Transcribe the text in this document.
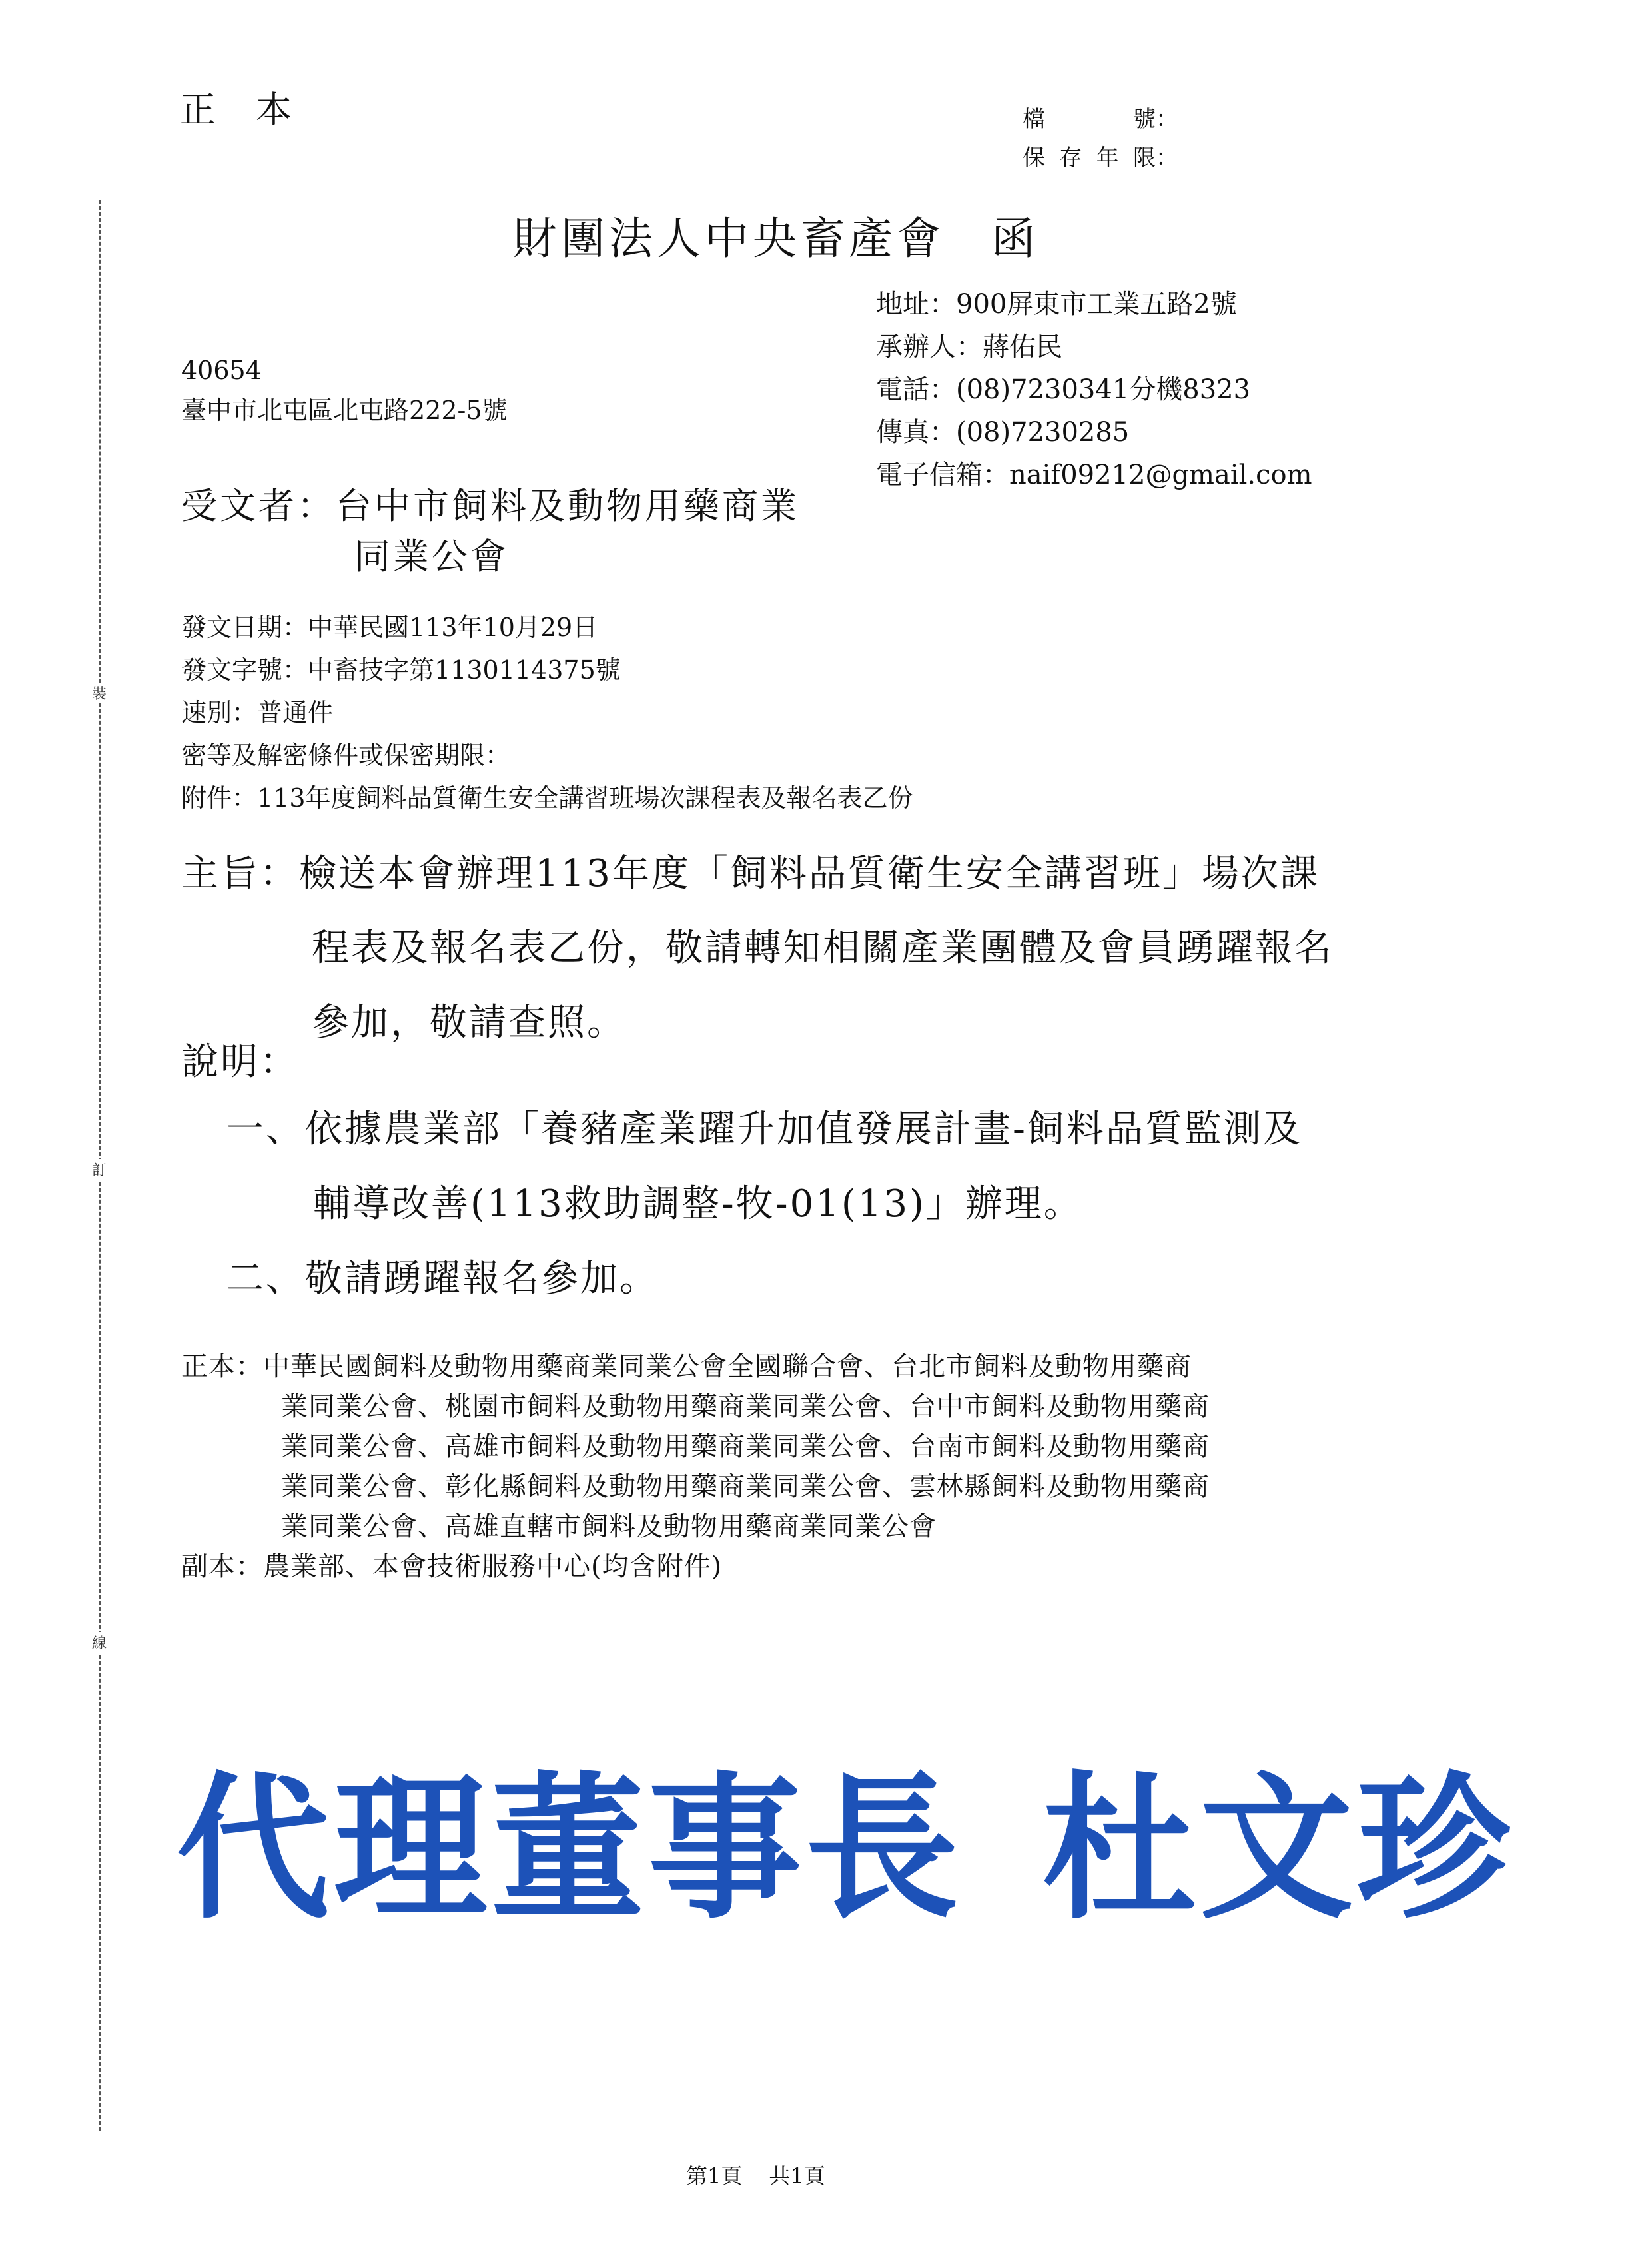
裝
訂
線
正本	檔號 ：
保存年限 ：
財團法人中央畜產會 函
地址：900屏東市工業五路2號
承辦人：蔣佑民
電話：(08)7230341分機8323
傳真：(08)7230285
電子信箱：naif09212@gmail.com
40654
臺中市北屯區北屯路222-5號
受文者：台中市飼料及動物用藥商業
同業公會
發文日期：中華民國113年10月29日
發文字號：中畜技字第1130114375號
速別：普通件
密等及解密條件或保密期限：
附件：113年度飼料品質衛生安全講習班場次課程表及報名表乙份
主旨：檢送本會辦理113年度「飼料品質衛生安全講習班」場次課
程表及報名表乙份，敬請轉知相關產業團體及會員踴躍報名
參加，敬請查照。
說明：
一、依據農業部「養豬產業躍升加值發展計畫-飼料品質監測及
輔導改善(113救助調整-牧-01(13)」辦理。
二、敬請踴躍報名參加。
正本：中華民國飼料及動物用藥商業同業公會全國聯合會、台北市飼料及動物用藥商
業同業公會、桃園市飼料及動物用藥商業同業公會、台中市飼料及動物用藥商
業同業公會、高雄市飼料及動物用藥商業同業公會、台南市飼料及動物用藥商
業同業公會、彰化縣飼料及動物用藥商業同業公會、雲林縣飼料及動物用藥商
業同業公會、高雄直轄市飼料及動物用藥商業同業公會
副本：農業部、本會技術服務中心(均含附件)
代理董事長 杜文珍
第1頁 共1頁
